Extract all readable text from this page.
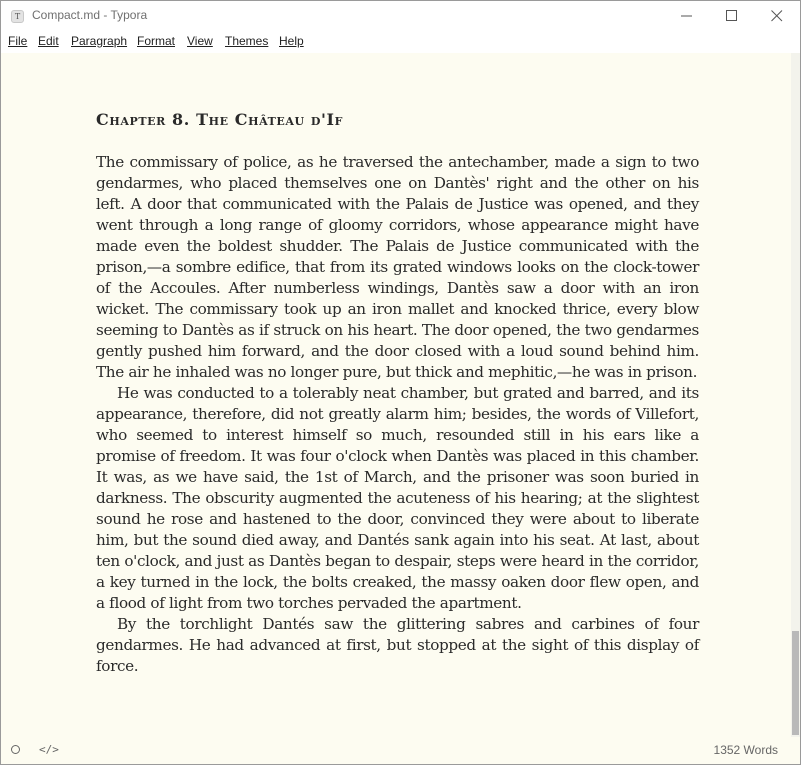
T Compact.md - Typora
File Edit Paragraph Format View Themes Help
Chapter 8. The Château d'If

The commissary of police, as he traversed the antechamber, made a sign to two gendarmes, who placed themselves one on Dantès' right and the other on his left. A door that communicated with the Palais de Justice was opened, and they went through a long range of gloomy corridors, whose appearance might have made even the boldest shudder. The Palais de Justice communicated with the prison,—a sombre edifice, that from its grated windows looks on the clock-tower of the Accoules. After numberless windings, Dantès saw a door with an iron wicket. The commissary took up an iron mallet and knocked thrice, every blow seeming to Dantès as if struck on his heart. The door opened, the two gendarmes gently pushed him forward, and the door closed with a loud sound behind him. The air he inhaled was no longer pure, but thick and mephitic,—he was in prison.

He was conducted to a tolerably neat chamber, but grated and barred, and its appearance, therefore, did not greatly alarm him; besides, the words of Villefort, who seemed to interest himself so much, resounded still in his ears like a promise of freedom. It was four o'clock when Dantès was placed in this chamber. It was, as we have said, the 1st of March, and the prisoner was soon buried in darkness. The obscurity augmented the acuteness of his hearing; at the slightest sound he rose and hastened to the door, convinced they were about to liberate him, but the sound died away, and Dantés sank again into his seat. At last, about ten o'clock, and just as Dantès began to despair, steps were heard in the corridor, a key turned in the lock, the bolts creaked, the massy oaken door flew open, and a flood of light from two torches pervaded the apartment.

By the torchlight Dantés saw the glittering sabres and carbines of four gendarmes. He had advanced at first, but stopped at the sight of this display of force.

</>	1352 Words
